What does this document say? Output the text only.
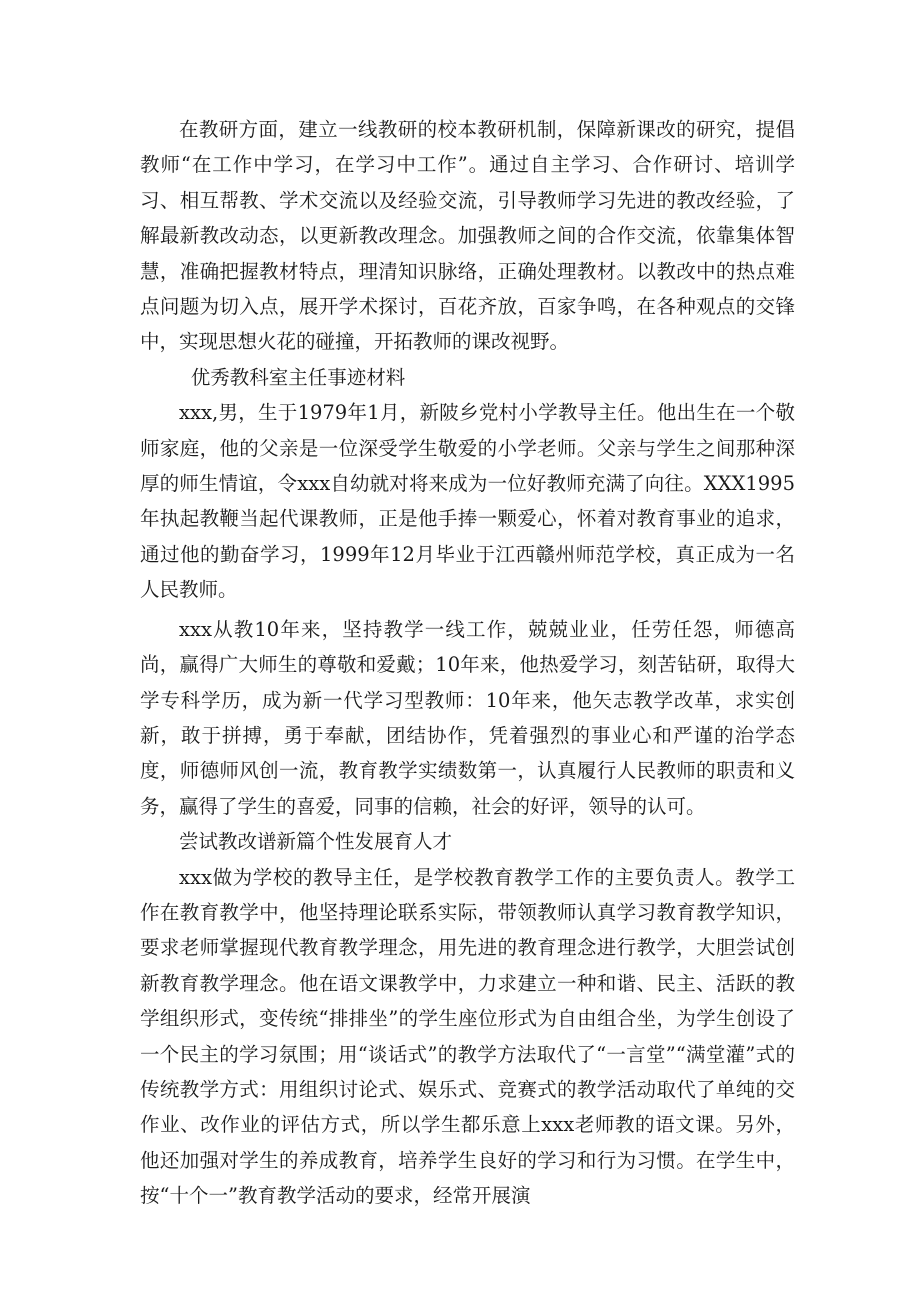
在教研方面，建立一线教研的校本教研机制，保障新课改的研究，提倡教师“在工作中学习，在学习中工作”。通过自主学习、合作研讨、培训学习、相互帮教、学术交流以及经验交流，引导教师学习先进的教改经验，了解最新教改动态，以更新教改理念。加强教师之间的合作交流，依靠集体智慧，准确把握教材特点，理清知识脉络，正确处理教材。以教改中的热点难点问题为切入点，展开学术探讨，百花齐放，百家争鸣，在各种观点的交锋中，实现思想火花的碰撞，开拓教师的课改视野。

优秀教科室主任事迹材料

xxx,男，生于1979年1月，新陂乡党村小学教导主任。他出生在一个敬师家庭，他的父亲是一位深受学生敬爱的小学老师。父亲与学生之间那种深厚的师生情谊，令xxx自幼就对将来成为一位好教师充满了向往。XXX1995年执起教鞭当起代课教师，正是他手捧一颗爱心，怀着对教育事业的追求，通过他的勤奋学习，1999年12月毕业于江西赣州师范学校，真正成为一名人民教师。

xxx从教10年来，坚持教学一线工作，兢兢业业，任劳任怨，师德高尚，赢得广大师生的尊敬和爱戴；10年来，他热爱学习，刻苦钻研，取得大学专科学历，成为新一代学习型教师：10年来，他矢志教学改革，求实创新，敢于拼搏，勇于奉献，团结协作，凭着强烈的事业心和严谨的治学态度，师德师风创一流，教育教学实绩数第一，认真履行人民教师的职责和义务，赢得了学生的喜爱，同事的信赖，社会的好评，领导的认可。

尝试教改谱新篇个性发展育人才

xxx做为学校的教导主任，是学校教育教学工作的主要负责人。教学工作在教育教学中，他坚持理论联系实际，带领教师认真学习教育教学知识，要求老师掌握现代教育教学理念，用先进的教育理念进行教学，大胆尝试创新教育教学理念。他在语文课教学中，力求建立一种和谐、民主、活跃的教学组织形式，变传统“排排坐”的学生座位形式为自由组合坐，为学生创设了一个民主的学习氛围；用“谈话式”的教学方法取代了“一言堂”“满堂灌”式的传统教学方式：用组织讨论式、娱乐式、竞赛式的教学活动取代了单纯的交作业、改作业的评估方式，所以学生都乐意上xxx老师教的语文课。另外，他还加强对学生的养成教育，培养学生良好的学习和行为习惯。在学生中，按“十个一”教育教学活动的要求，经常开展演
